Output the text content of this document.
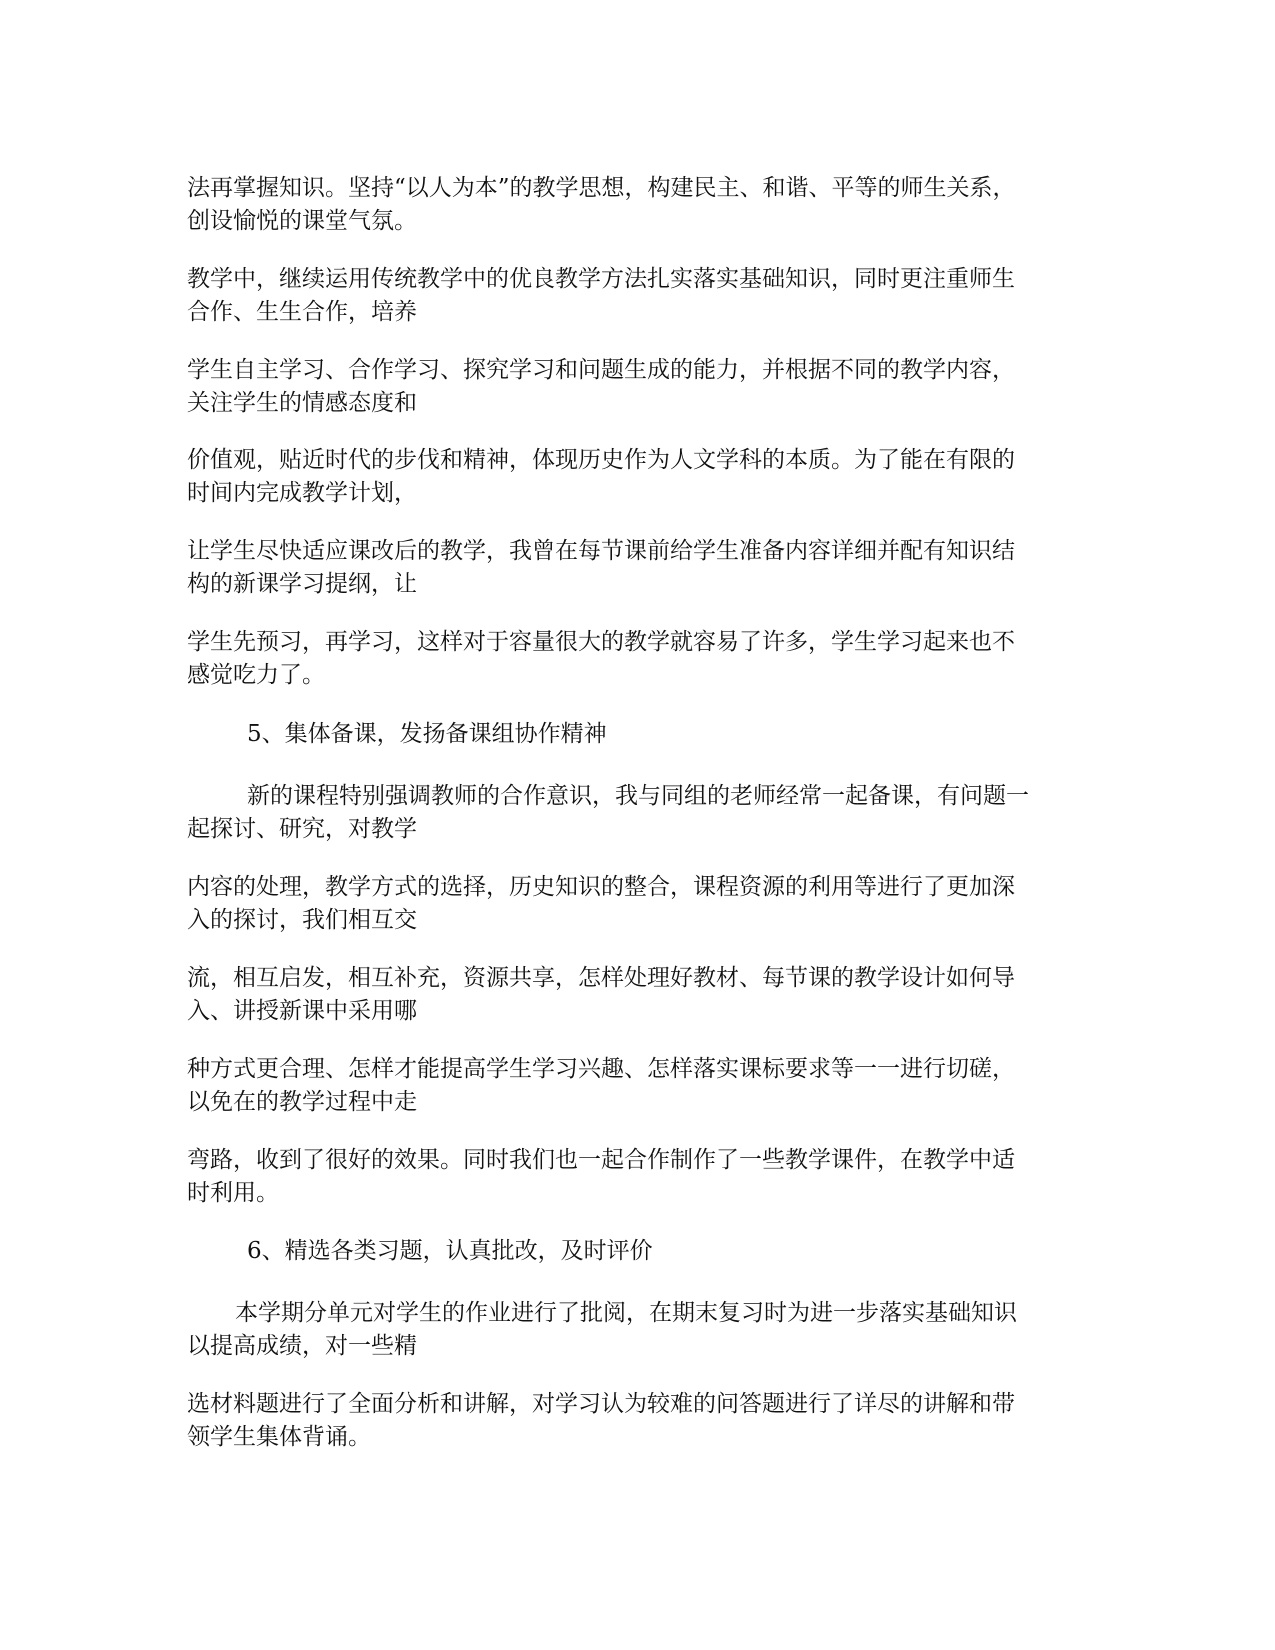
法再掌握知识。坚持“以人为本”的教学思想，构建民主、和谐、平等的师生关系，
创设愉悦的课堂气氛。

教学中，继续运用传统教学中的优良教学方法扎实落实基础知识，同时更注重师生
合作、生生合作，培养

学生自主学习、合作学习、探究学习和问题生成的能力，并根据不同的教学内容，
关注学生的情感态度和

价值观，贴近时代的步伐和精神，体现历史作为人文学科的本质。为了能在有限的
时间内完成教学计划，

让学生尽快适应课改后的教学，我曾在每节课前给学生准备内容详细并配有知识结
构的新课学习提纲，让

学生先预习，再学习，这样对于容量很大的教学就容易了许多，学生学习起来也不
感觉吃力了。

5、集体备课，发扬备课组协作精神

新的课程特别强调教师的合作意识，我与同组的老师经常一起备课，有问题一
起探讨、研究，对教学

内容的处理，教学方式的选择，历史知识的整合，课程资源的利用等进行了更加深
入的探讨，我们相互交

流，相互启发，相互补充，资源共享，怎样处理好教材、每节课的教学设计如何导
入、讲授新课中采用哪

种方式更合理、怎样才能提高学生学习兴趣、怎样落实课标要求等一一进行切磋，
以免在的教学过程中走

弯路，收到了很好的效果。同时我们也一起合作制作了一些教学课件，在教学中适
时利用。

6、精选各类习题，认真批改，及时评价

本学期分单元对学生的作业进行了批阅，在期末复习时为进一步落实基础知识
以提高成绩，对一些精

选材料题进行了全面分析和讲解，对学习认为较难的问答题进行了详尽的讲解和带
领学生集体背诵。
